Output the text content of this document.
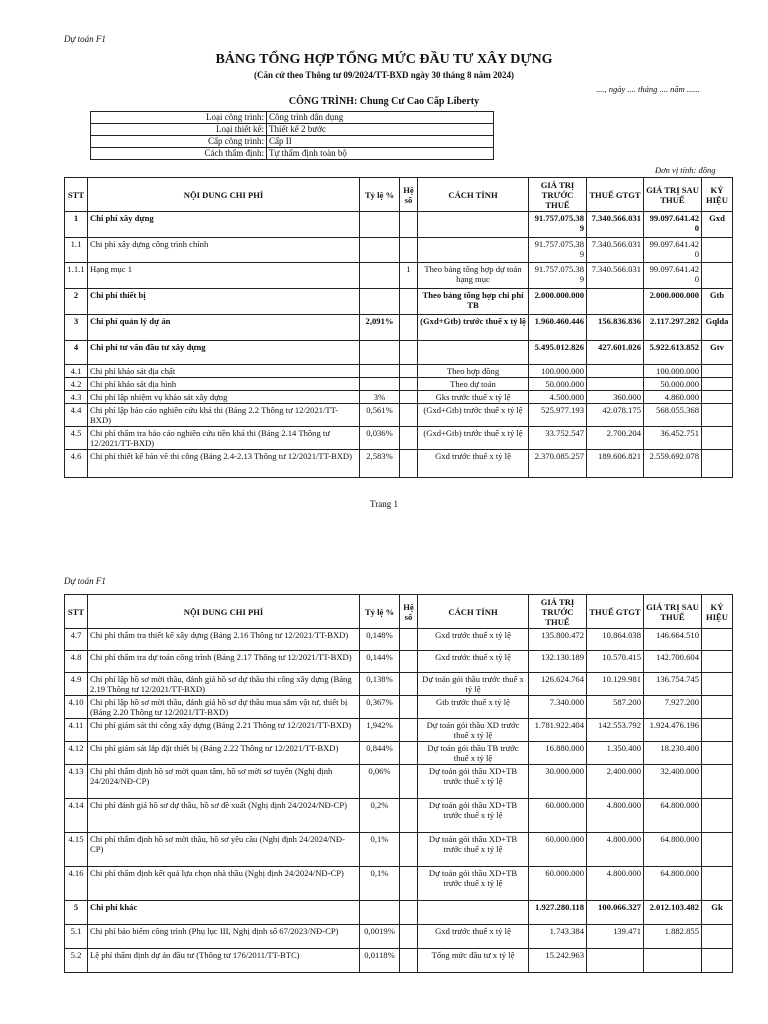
Dự toán F1
BẢNG TỔNG HỢP TỔNG MỨC ĐẦU TƯ XÂY DỰNG
(Căn cứ theo Thông tư 09/2024/TT-BXD ngày 30 tháng 8 năm 2024)
...., ngày .... tháng .... năm ......
CÔNG TRÌNH: Chung Cư Cao Cấp Liberty
Loại công trình:	Công trình dân dụng
Loại thiết kế:	Thiết kế 2 bước
Cấp công trình:	Cấp II
Cách thẩm định:	Tự thẩm định toàn bộ
Đơn vị tính: đồng
STT	NỘI DUNG CHI PHÍ	Tỷ lệ %	Hệ số	CÁCH TÍNH	GIÁ TRỊ TRƯỚC THUẾ	THUẾ GTGT	GIÁ TRỊ SAU THUẾ	KÝ HIỆU
1	Chi phí xây dựng				91.757.075.389	7.340.566.031	99.097.641.420	Gxd
1.1	Chi phí xây dựng công trình chính				91.757.075.389	7.340.566.031	99.097.641.420	
1.1.1	Hạng mục 1		1	Theo bảng tổng hợp dự toán hạng mục	91.757.075.389	7.340.566.031	99.097.641.420	
2	Chi phí thiết bị			Theo bảng tổng hợp chi phí TB	2.000.000.000		2.000.000.000	Gtb
3	Chi phí quản lý dự án	2,091%		(Gxd+Gtb) trước thuế x tỷ lệ	1.960.460.446	156.836.836	2.117.297.282	Gqlda
4	Chi phí tư vấn đầu tư xây dựng				5.495.012.826	427.601.026	5.922.613.852	Gtv
4.1	Chi phí khảo sát địa chất			Theo hợp đồng	100.000.000		100.000.000	
4.2	Chi phí khảo sát địa hình			Theo dự toán	50.000.000		50.000.000	
4.3	Chi phí lập nhiệm vụ khảo sát xây dựng	3%		Gks trước thuế x tỷ lệ	4.500.000	360.000	4.860.000	
4.4	Chi phí lập báo cáo nghiên cứu khả thi (Bảng 2.2 Thông tư 12/2021/TT-BXD)	0,561%		(Gxd+Gtb) trước thuế x tỷ lệ	525.977.193	42.078.175	568.055.368	
4.5	Chi phí thẩm tra báo cáo nghiên cứu tiền khả thi (Bảng 2.14 Thông tư 12/2021/TT-BXD)	0,036%		(Gxd+Gtb) trước thuế x tỷ lệ	33.752.547	2.700.204	36.452.751	
4.6	Chi phí thiết kế bản vẽ thi công (Bảng 2.4-2.13 Thông tư 12/2021/TT-BXD)	2,583%		Gxd trước thuế x tỷ lệ	2.370.085.257	189.606.821	2.559.692.078	
Trang 1
Dự toán F1
STT	NỘI DUNG CHI PHÍ	Tỷ lệ %	Hệ số	CÁCH TÍNH	GIÁ TRỊ TRƯỚC THUẾ	THUẾ GTGT	GIÁ TRỊ SAU THUẾ	KÝ HIỆU
4.7	Chi phí thẩm tra thiết kế xây dựng (Bảng 2.16 Thông tư 12/2021/TT-BXD)	0,148%		Gxd trước thuế x tỷ lệ	135.800.472	10.864.038	146.664.510	
4.8	Chi phí thẩm tra dự toán công trình (Bảng 2.17 Thông tư 12/2021/TT-BXD)	0,144%		Gxd trước thuế x tỷ lệ	132.130.189	10.570.415	142.700.604	
4.9	Chi phí lập hồ sơ mời thầu, đánh giá hồ sơ dự thầu thi công xây dựng (Bảng 2.19 Thông tư 12/2021/TT-BXD)	0,138%		Dự toán gói thầu trước thuế x tỷ lệ	126.624.764	10.129.981	136.754.745	
4.10	Chi phí lập hồ sơ mời thầu, đánh giá hồ sơ dự thầu mua sắm vật tư, thiết bị (Bảng 2.20 Thông tư 12/2021/TT-BXD)	0,367%		Gtb trước thuế x tỷ lệ	7.340.000	587.200	7.927.200	
4.11	Chi phí giám sát thi công xây dựng (Bảng 2.21 Thông tư 12/2021/TT-BXD)	1,942%		Dự toán gói thầu XD trước thuế x tỷ lệ	1.781.922.404	142.553.792	1.924.476.196	
4.12	Chi phí giám sát lắp đặt thiết bị (Bảng 2.22 Thông tư 12/2021/TT-BXD)	0,844%		Dự toán gói thầu TB trước thuế x tỷ lệ	16.880.000	1.350.400	18.230.400	
4.13	Chi phí thẩm định hồ sơ mời quan tâm, hồ sơ mời sơ tuyển (Nghị định 24/2024/NĐ-CP)	0,06%		Dự toán gói thầu XD+TB trước thuế x tỷ lệ	30.000.000	2.400.000	32.400.000	
4.14	Chi phí đánh giá hồ sơ dự thầu, hồ sơ đề xuất (Nghị định 24/2024/NĐ-CP)	0,2%		Dự toán gói thầu XD+TB trước thuế x tỷ lệ	60.000.000	4.800.000	64.800.000	
4.15	Chi phí thẩm định hồ sơ mời thầu, hồ sơ yêu cầu (Nghị định 24/2024/NĐ-CP)	0,1%		Dự toán gói thầu XD+TB trước thuế x tỷ lệ	60.000.000	4.800.000	64.800.000	
4.16	Chi phí thẩm định kết quả lựa chọn nhà thầu (Nghị định 24/2024/NĐ-CP)	0,1%		Dự toán gói thầu XD+TB trước thuế x tỷ lệ	60.000.000	4.800.000	64.800.000	
5	Chi phí khác				1.927.280.118	100.066.327	2.012.103.482	Gk
5.1	Chi phí bảo hiểm công trình (Phụ lục III, Nghị định số 67/2023/NĐ-CP)	0,0019%		Gxd trước thuế x tỷ lệ	1.743.384	139.471	1.882.855	
5.2	Lệ phí thẩm định dự án đầu tư (Thông tư 176/2011/TT-BTC)	0,0118%		Tổng mức đầu tư x tỷ lệ	15.242.963			
